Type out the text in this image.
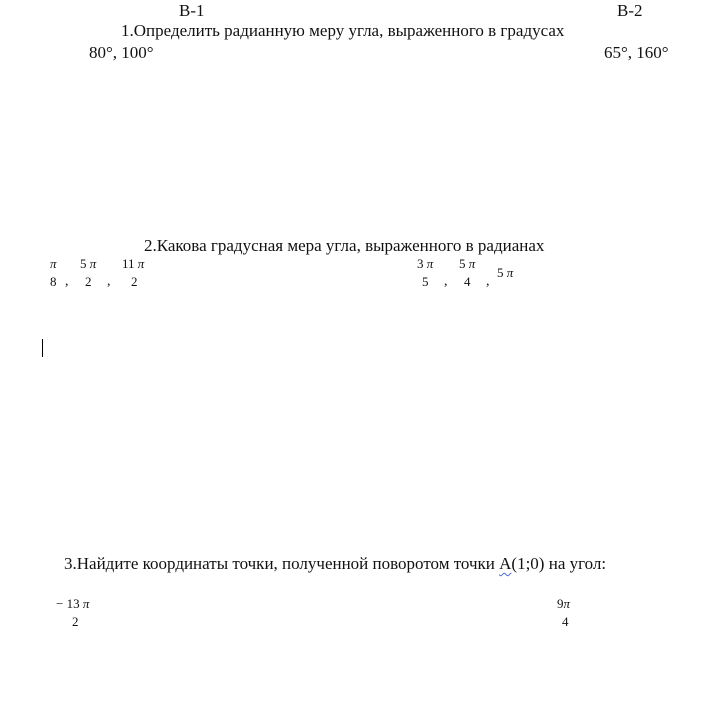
В-1	В-2
1.Определить радианную меру угла, выраженного в градусах
80°, 100°	65°, 160°
2.Какова градусная мера угла, выраженного в радианах
π
8 ,
5 π
2 ,
11 π
2
3 π
5 ,
5 π
4 ,
5 π
3.Найдите координаты точки, полученной поворотом точки А(1;0) на угол:
− 13 π
2
9π
4
